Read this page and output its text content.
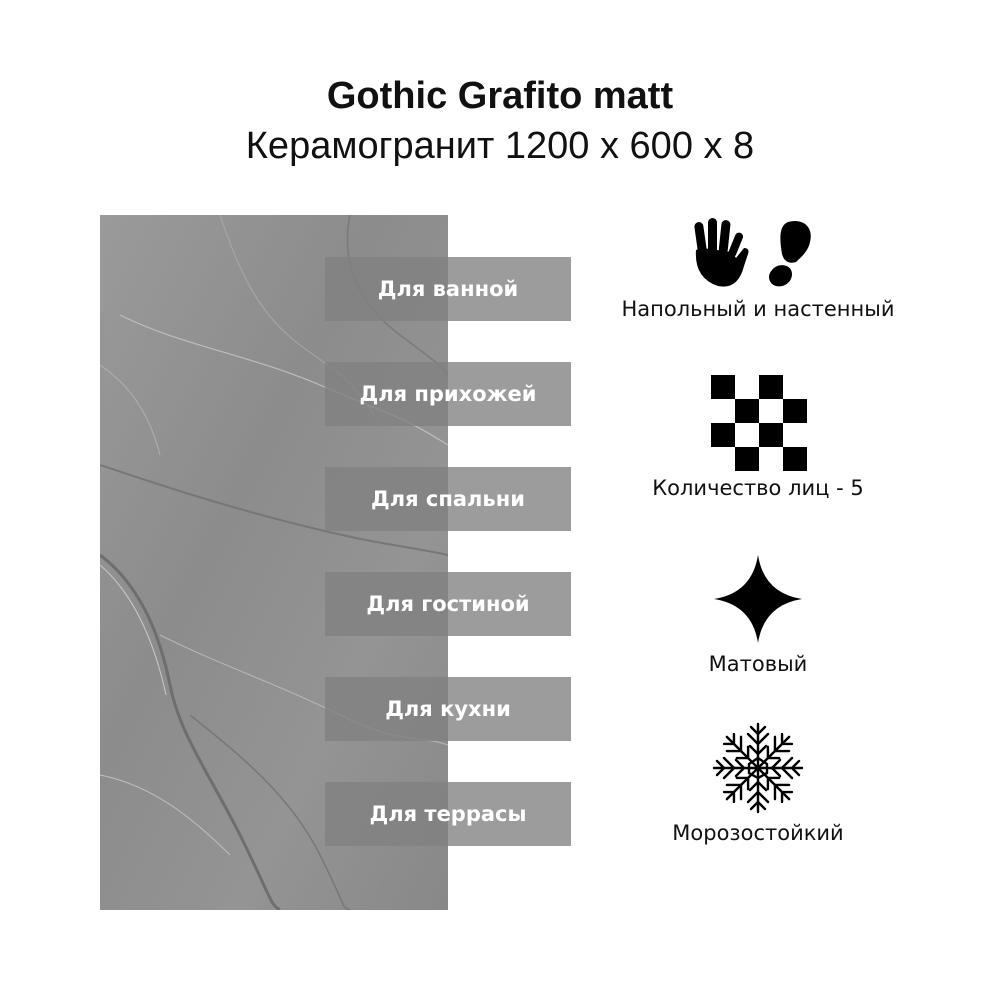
Gothic Grafito matt
Керамогранит 1200 x 600 x 8
Для ванной
Для прихожей
Для спальни
Для гостиной
Для кухни
Для террасы
Напольный и настенный
Количество лиц - 5
Матовый
Морозостойкий
